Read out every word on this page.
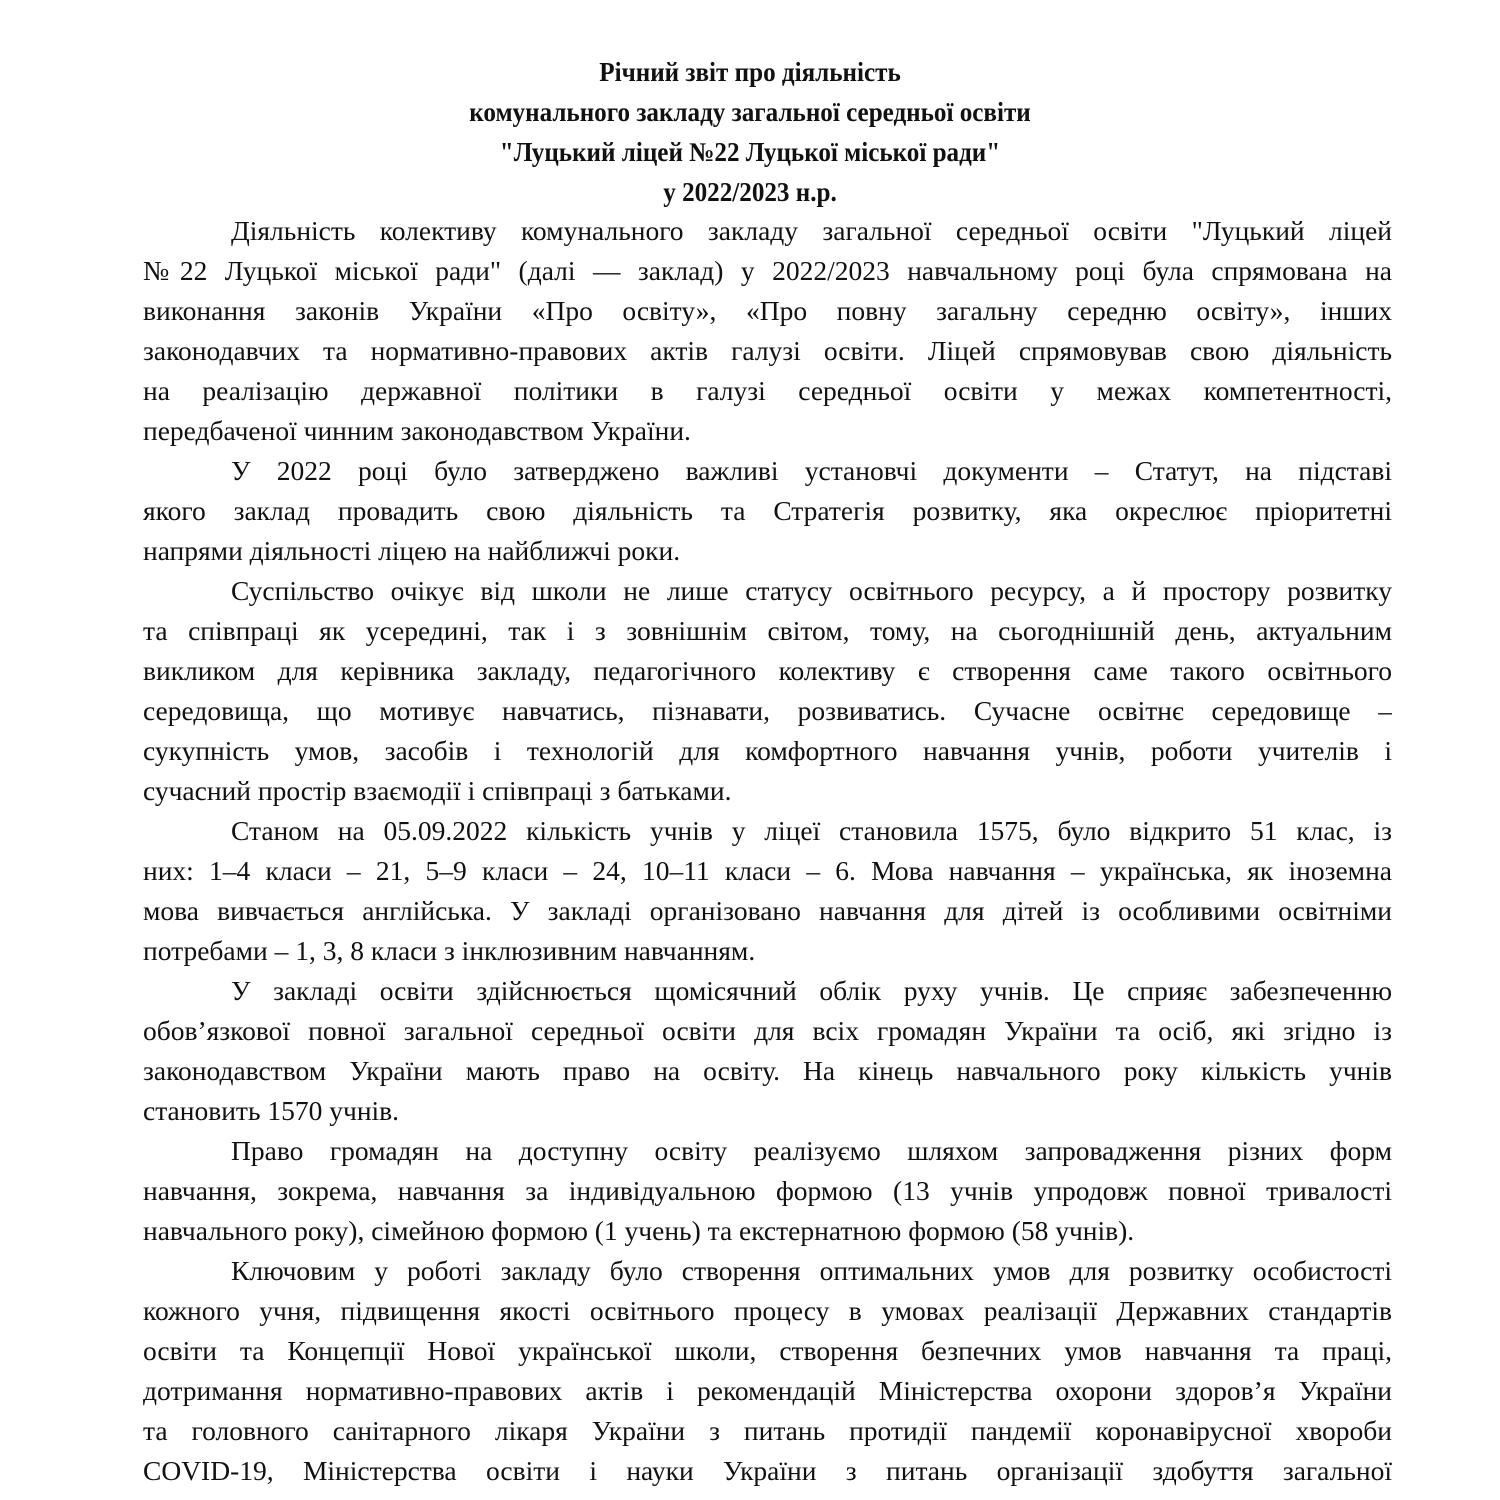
Річний звіт про діяльність
комунального закладу загальної середньої освіти
"Луцький ліцей №22 Луцької міської ради"
у 2022/2023 н.р.
Діяльність колективу комунального закладу загальної середньої освіти "Луцький ліцей
№22 Луцької міської ради" (далі — заклад) у 2022/2023 навчальному році була спрямована на
виконання законів України «Про освіту», «Про повну загальну середню освіту», інших
законодавчих та нормативно-правових актів галузі освіти. Ліцей спрямовував свою діяльність
на реалізацію державної політики в галузі середньої освіти у межах компетентності,
передбаченої чинним законодавством України.
У 2022 році було затверджено важливі установчі документи – Статут, на підставі
якого заклад провадить свою діяльність та Стратегія розвитку, яка окреслює пріоритетні
напрями діяльності ліцею на найближчі роки.
Суспільство очікує від школи не лише статусу освітнього ресурсу, а й простору розвитку
та співпраці як усередині, так і з зовнішнім світом, тому, на сьогоднішній день, актуальним
викликом для керівника закладу, педагогічного колективу є створення саме такого освітнього
середовища, що мотивує навчатись, пізнавати, розвиватись. Сучасне освітнє середовище –
сукупність умов, засобів і технологій для комфортного навчання учнів, роботи учителів і
сучасний простір взаємодії і співпраці з батьками.
Станом на 05.09.2022 кількість учнів у ліцеї становила 1575, було відкрито 51 клас, із
них: 1–4 класи – 21, 5–9 класи – 24, 10–11 класи – 6. Мова навчання – українська, як іноземна
мова вивчається англійська. У закладі організовано навчання для дітей із особливими освітніми
потребами – 1, 3, 8 класи з інклюзивним навчанням.
У закладі освіти здійснюється щомісячний облік руху учнів. Це сприяє забезпеченню
обов’язкової повної загальної середньої освіти для всіх громадян України та осіб, які згідно із
законодавством України мають право на освіту. На кінець навчального року кількість учнів
становить 1570 учнів.
Право громадян на доступну освіту реалізуємо шляхом запровадження різних форм
навчання, зокрема, навчання за індивідуальною формою (13 учнів упродовж повної тривалості
навчального року), сімейною формою (1 учень) та екстернатною формою (58 учнів).
Ключовим у роботі закладу було створення оптимальних умов для розвитку особистості
кожного учня, підвищення якості освітнього процесу в умовах реалізації Державних стандартів
освіти та Концепції Нової української школи, створення безпечних умов навчання та праці,
дотримання нормативно-правових актів і рекомендацій Міністерства охорони здоров’я України
та головного санітарного лікаря України з питань протидії пандемії коронавірусної хвороби
COVID-19, Міністерства освіти і науки України з питань організації здобуття загальної
